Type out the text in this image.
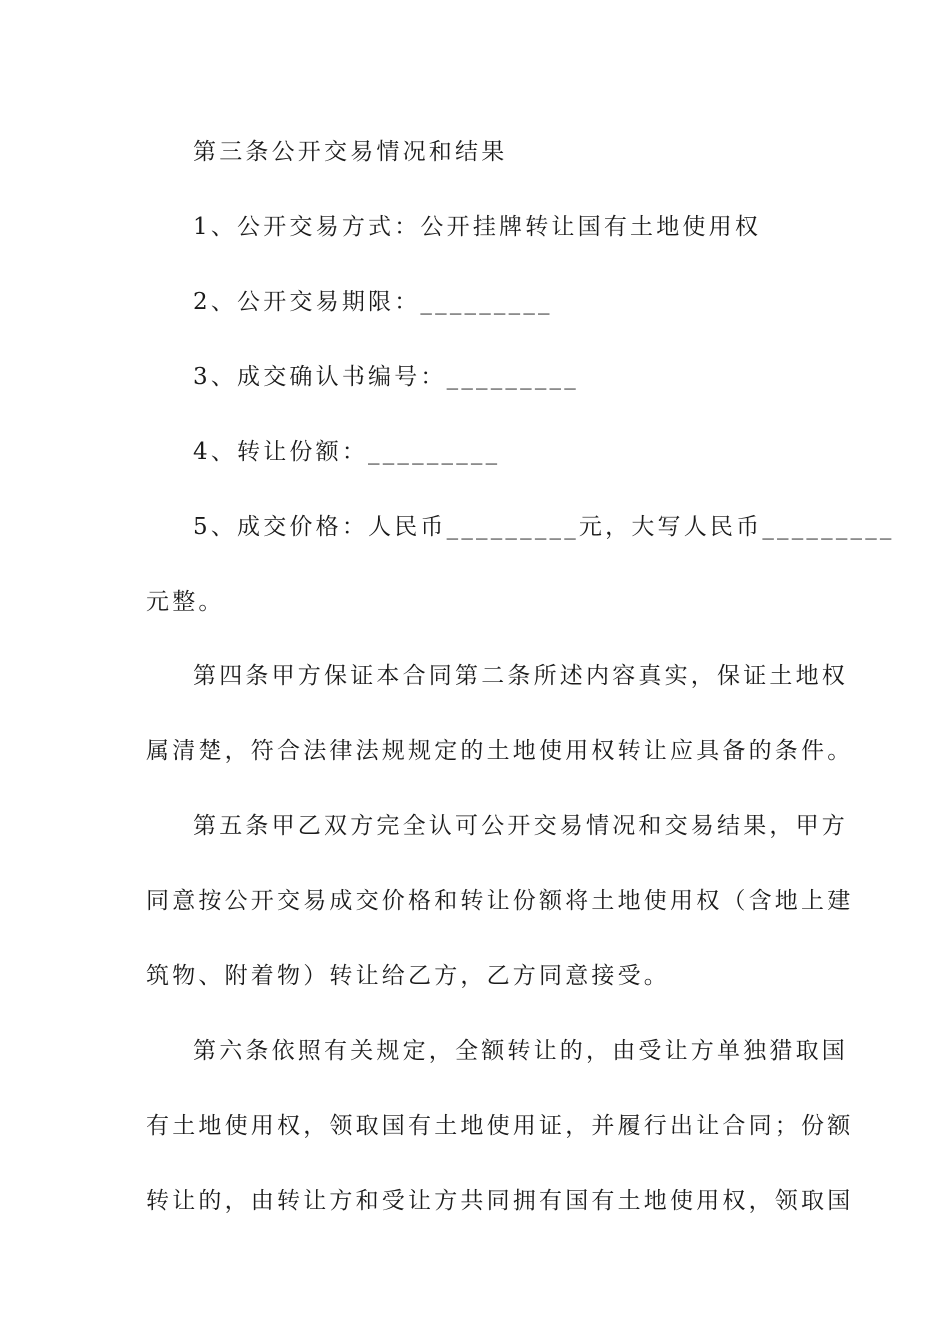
第三条公开交易情况和结果
1、公开交易方式：公开挂牌转让国有土地使用权
2、公开交易期限：_________
3、成交确认书编号：_________
4、转让份额：_________
5、成交价格：人民币_________元，大写人民币_________
元整。
第四条甲方保证本合同第二条所述内容真实，保证土地权
属清楚，符合法律法规规定的土地使用权转让应具备的条件。
第五条甲乙双方完全认可公开交易情况和交易结果，甲方
同意按公开交易成交价格和转让份额将土地使用权（含地上建
筑物、附着物）转让给乙方，乙方同意接受。
第六条依照有关规定，全额转让的，由受让方单独猎取国
有土地使用权，领取国有土地使用证，并履行出让合同；份额
转让的，由转让方和受让方共同拥有国有土地使用权，领取国
